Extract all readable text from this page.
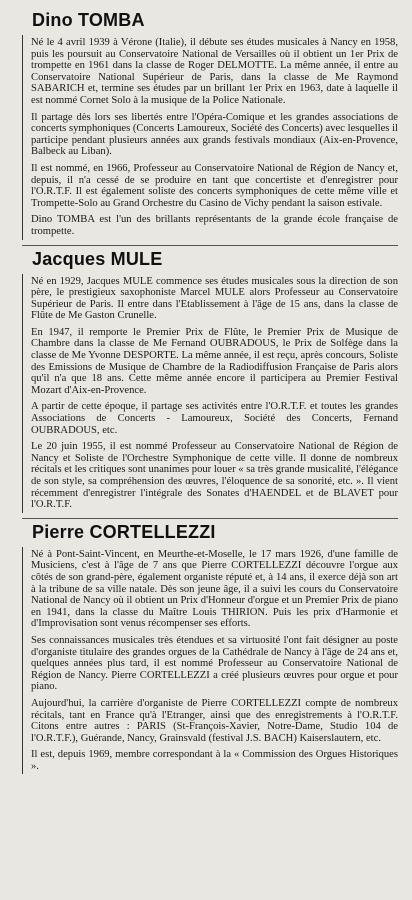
Dino TOMBA

Né le 4 avril 1939 à Vérone (Italie), il débute ses études musicales à Nancy en 1958, puis les poursuit au Conservatoire National de Versailles où il obtient un 1er Prix de trompette en 1961 dans la classe de Roger DELMOTTE. La même année, il entre au Conservatoire National Supérieur de Paris, dans la classe de Me Raymond SABARICH et, termine ses études par un brillant 1er Prix en 1963, date à laquelle il est nommé Cornet Solo à la musique de la Police Nationale.

Il partage dès lors ses libertés entre l'Opéra-Comique et les grandes associations de concerts symphoniques (Concerts Lamoureux, Société des Concerts) avec lesquelles il participe pendant plusieurs années aux grands festivals mondiaux (Aix-en-Provence, Balbeck au Liban).

Il est nommé, en 1966, Professeur au Conservatoire National de Région de Nancy et, depuis, il n'a cessé de se produire en tant que concertiste et d'enregistrer pour l'O.R.T.F. Il est également soliste des concerts symphoniques de cette même ville et Trompette-Solo au Grand Orchestre du Casino de Vichy pendant la saison estivale.

Dino TOMBA est l'un des brillants représentants de la grande école française de trompette.

Jacques MULE

Né en 1929, Jacques MULE commence ses études musicales sous la direction de son père, le prestigieux saxophoniste Marcel MULE alors Professeur au Conservatoire Supérieur de Paris. Il entre dans l'Etablissement à l'âge de 15 ans, dans la classe de Flûte de Me Gaston Crunelle.

En 1947, il remporte le Premier Prix de Flûte, le Premier Prix de Musique de Chambre dans la classe de Me Fernand OUBRADOUS, le Prix de Solfège dans la classe de Me Yvonne DESPORTE. La même année, il est reçu, après concours, Soliste des Emissions de Musique de Chambre de la Radiodiffusion Française de Paris alors qu'il n'a que 18 ans. Cette même année encore il participera au Premier Festival Mozart d'Aix-en-Provence.

A partir de cette époque, il partage ses activités entre l'O.R.T.F. et toutes les grandes Associations de Concerts - Lamoureux, Société des Concerts, Fernand OUBRADOUS, etc.

Le 20 juin 1955, il est nommé Professeur au Conservatoire National de Région de Nancy et Soliste de l'Orchestre Symphonique de cette ville. Il donne de nombreux récitals et les critiques sont unanimes pour louer « sa très grande musicalité, l'élégance de son style, sa compréhension des œuvres, l'éloquence de sa sonorité, etc. ». Il vient récemment d'enregistrer l'intégrale des Sonates d'HAENDEL et de BLAVET pour l'O.R.T.F.

Pierre CORTELLEZZI

Né à Pont-Saint-Vincent, en Meurthe-et-Moselle, le 17 mars 1926, d'une famille de Musiciens, c'est à l'âge de 7 ans que Pierre CORTELLEZZI découvre l'orgue aux côtés de son grand-père, également organiste réputé et, à 14 ans, il exerce déjà son art à la tribune de sa ville natale. Dès son jeune âge, il a suivi les cours du Conservatoire National de Nancy où il obtient un Prix d'Honneur d'orgue et un Premier Prix de piano en 1941, dans la classe du Maître Louis THIRION. Puis les prix d'Harmonie et d'Improvisation sont venus récompenser ses efforts.

Ses connaissances musicales très étendues et sa virtuosité l'ont fait désigner au poste d'organiste titulaire des grandes orgues de la Cathédrale de Nancy à l'âge de 24 ans et, quelques années plus tard, il est nommé Professeur au Conservatoire National de Région de Nancy. Pierre CORTELLEZZI a créé plusieurs œuvres pour orgue et pour piano.

Aujourd'hui, la carrière d'organiste de Pierre CORTELLEZZI compte de nombreux récitals, tant en France qu'à l'Etranger, ainsi que des enregistrements à l'O.R.T.F. Citons entre autres : PARIS (St-François-Xavier, Notre-Dame, Studio 104 de l'O.R.T.F.), Guérande, Nancy, Grainsvald (festival J.S. BACH) Kaiserslautern, etc.

Il est, depuis 1969, membre correspondant à la « Commission des Orgues Historiques ».
